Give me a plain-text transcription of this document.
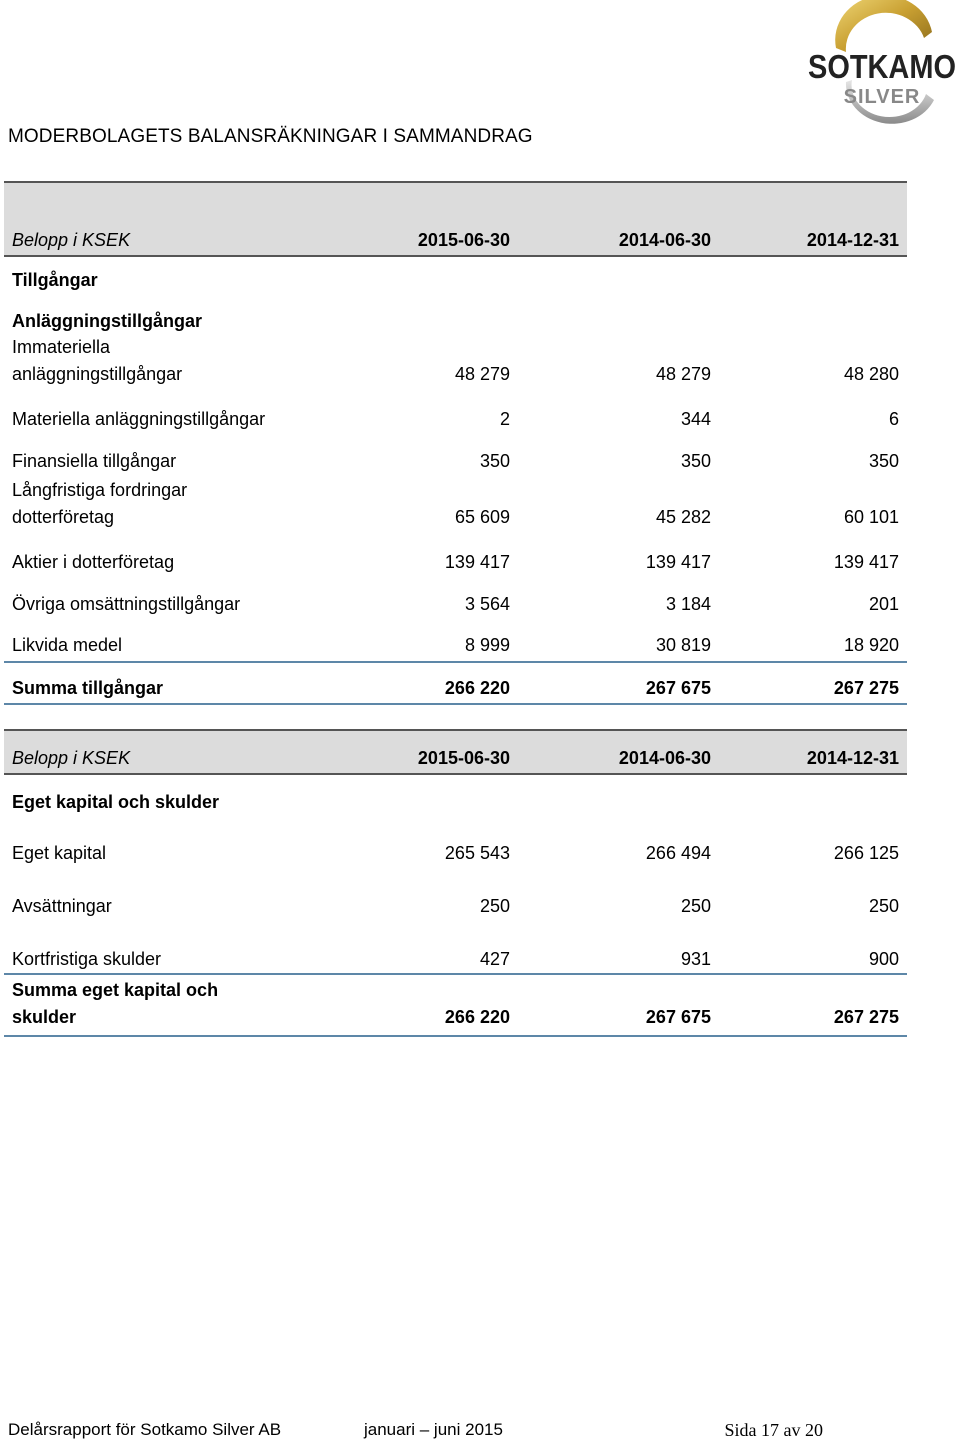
SOTKAMO
SILVER
MODERBOLAGETS BALANSRÄKNINGAR I SAMMANDRAG
Belopp i KSEK	2015-06-30	2014-06-30	2014-12-31
Tillgångar			
Anläggningstillgångar			
Immateriella
anläggningstillgångar	48 279	48 279	48 280
Materiella anläggningstillgångar	2	344	6
Finansiella tillgångar	350	350	350
Långfristiga fordringar
dotterföretag	65 609	45 282	60 101
Aktier i dotterföretag	139 417	139 417	139 417
Övriga omsättningstillgångar	3 564	3 184	201
Likvida medel	8 999	30 819	18 920
Summa tillgångar	266 220	267 675	267 275
Belopp i KSEK	2015-06-30	2014-06-30	2014-12-31
Eget kapital och skulder			
Eget kapital	265 543	266 494	266 125
Avsättningar	250	250	250
Kortfristiga skulder	427	931	900
Summa eget kapital och
skulder	266 220	267 675	267 275
Delårsrapport för Sotkamo Silver AB	januari – juni 2015	Sida 17 av 20
